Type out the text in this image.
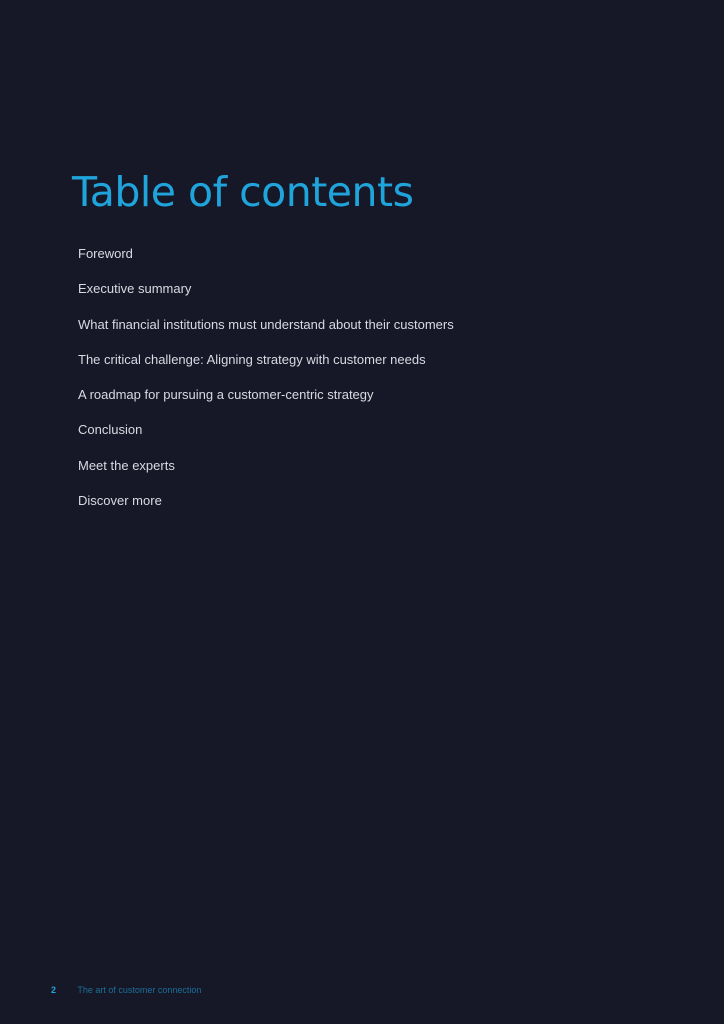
Table of contents
Foreword
Executive summary
What financial institutions must understand about their customers
The critical challenge: Aligning strategy with customer needs
A roadmap for pursuing a customer-centric strategy
Conclusion
Meet the experts
Discover more
2 The art of customer connection
